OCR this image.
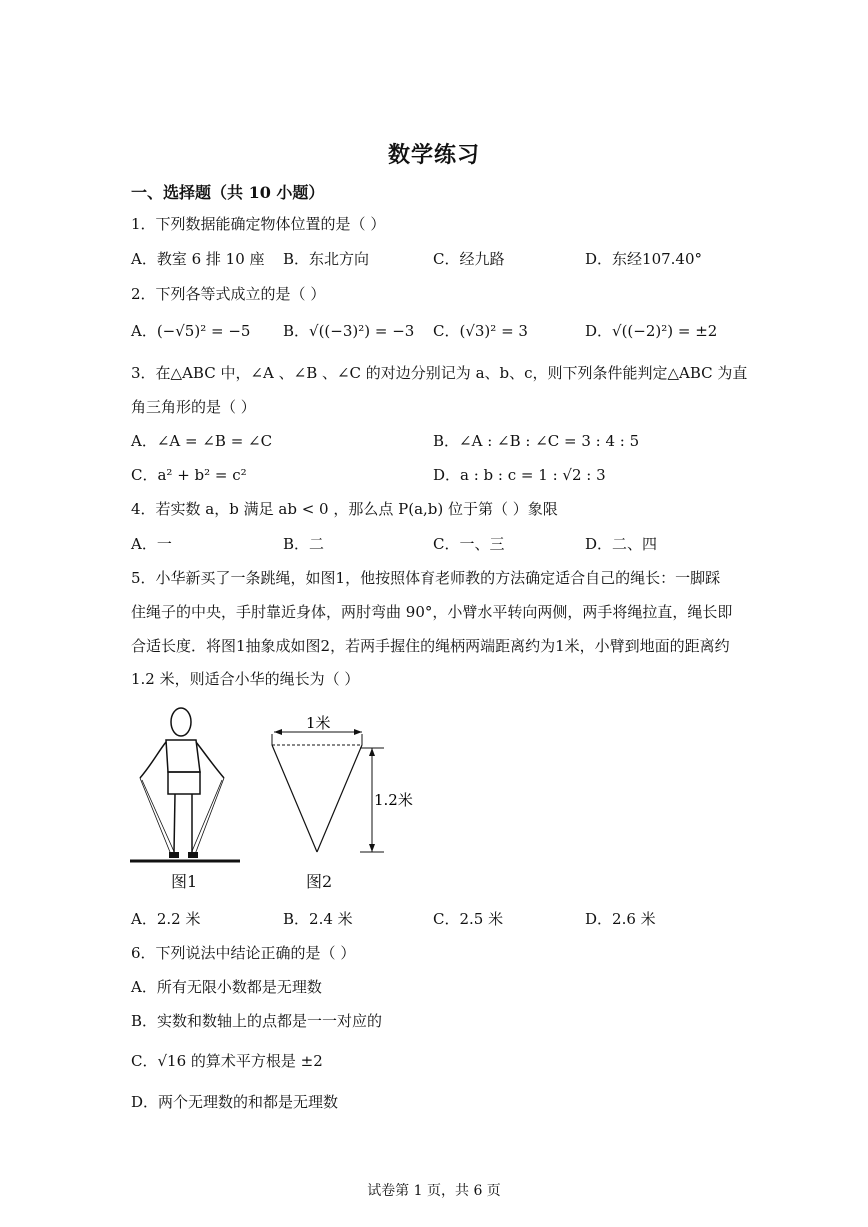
数学练习
一、选择题（共 10 小题）
1．下列数据能确定物体位置的是（ ）
A．教室 6 排 10 座 B．东北方向	C．经九路	D．东经107.40°
2．下列各等式成立的是（ ）
A．(−√5)² = −5 B．√((−3)²) = −3 C．(√3)² = 3	D．√((−2)²) = ±2
3．在△ABC 中，∠A 、∠B 、∠C 的对边分别记为 a、b、c，则下列条件能判定△ABC 为直
角三角形的是（ ）
A．∠A = ∠B = ∠C	B．∠A : ∠B : ∠C = 3 : 4 : 5
C．a² + b² = c²	D．a : b : c = 1 : √2 : 3
4．若实数 a，b 满足 ab < 0 ，那么点 P(a,b) 位于第（ ）象限
A．一	B．二	C．一、三	D．二、四
5．小华新买了一条跳绳，如图1，他按照体育老师教的方法确定适合自己的绳长：一脚踩
住绳子的中央，手肘靠近身体，两肘弯曲 90°，小臂水平转向两侧，两手将绳拉直，绳长即
合适长度．将图1抽象成如图2，若两手握住的绳柄两端距离约为1米，小臂到地面的距离约
1.2 米，则适合小华的绳长为（ ）
图1
1米
1.2米
图2
A．2.2 米	B．2.4 米	C．2.5 米	D．2.6 米
6．下列说法中结论正确的是（ ）
A．所有无限小数都是无理数
B．实数和数轴上的点都是一一对应的
C．√16 的算术平方根是 ±2
D．两个无理数的和都是无理数
试卷第 1 页，共 6 页
